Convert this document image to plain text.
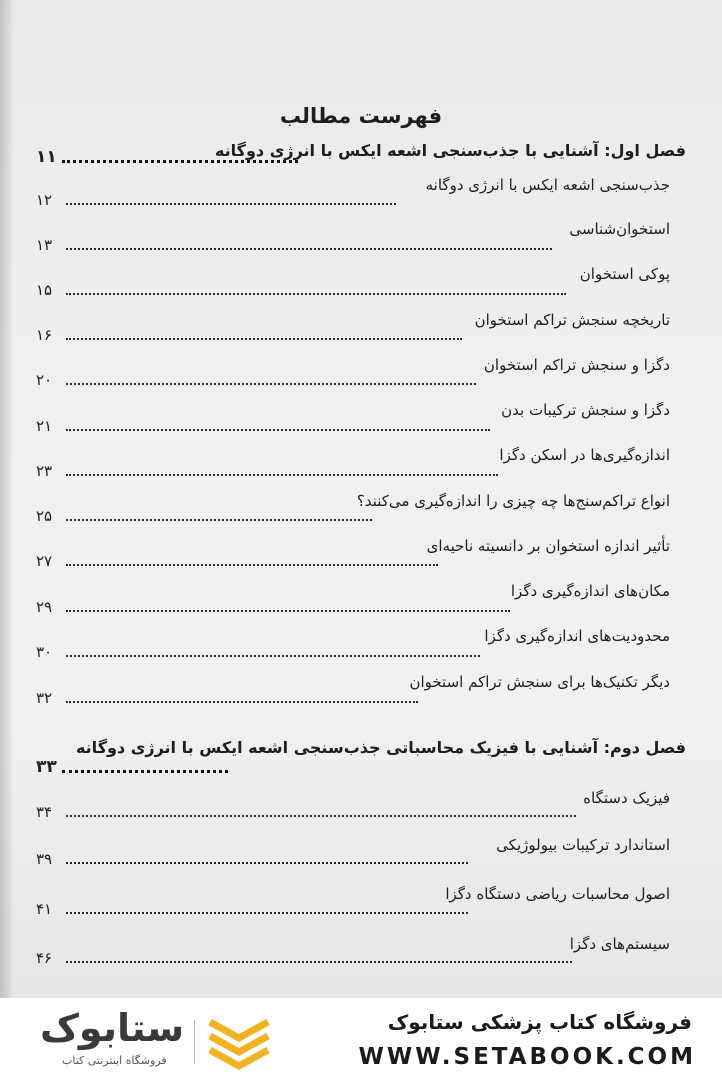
فهرست مطالب
فصل اول: آشنایی با جذب‌سنجی اشعه ایکس با انرژی دوگانه
۱۱
جذب‌سنجی اشعه ایکس با انرژی دوگانه
۱۲
استخوان‌شناسی
۱۳
پوکی استخوان
۱۵
تاریخچه سنجش تراکم استخوان
۱۶
دگزا و سنجش تراکم استخوان
۲۰
دگزا و سنجش ترکیبات بدن
۲۱
اندازه‌گیری‌ها در اسکن دگزا
۲۳
انواع تراکم‌سنج‌ها چه چیزی را اندازه‌گیری می‌کنند؟
۲۵
تأثیر اندازه استخوان بر دانسیته ناحیه‌ای
۲۷
مکان‌های اندازه‌گیری دگزا
۲۹
محدودیت‌های اندازه‌گیری دگزا
۳۰
دیگر تکنیک‌ها برای سنجش تراکم استخوان
۳۲
فصل دوم: آشنایی با فیزیک محاسباتی جذب‌سنجی اشعه ایکس با انرژی دوگانه
۳۳
فیزیک دستگاه
۳۴
استاندارد ترکیبات بیولوژیکی
۳۹
اصول محاسبات ریاضی دستگاه دگزا
۴۱
سیستم‌های دگزا
۴۶
فروشگاه کتاب پزشکی ستابوک
WWW.SETABOOK.COM
ستابوک
فروشگاه اینترنتی کتاب
